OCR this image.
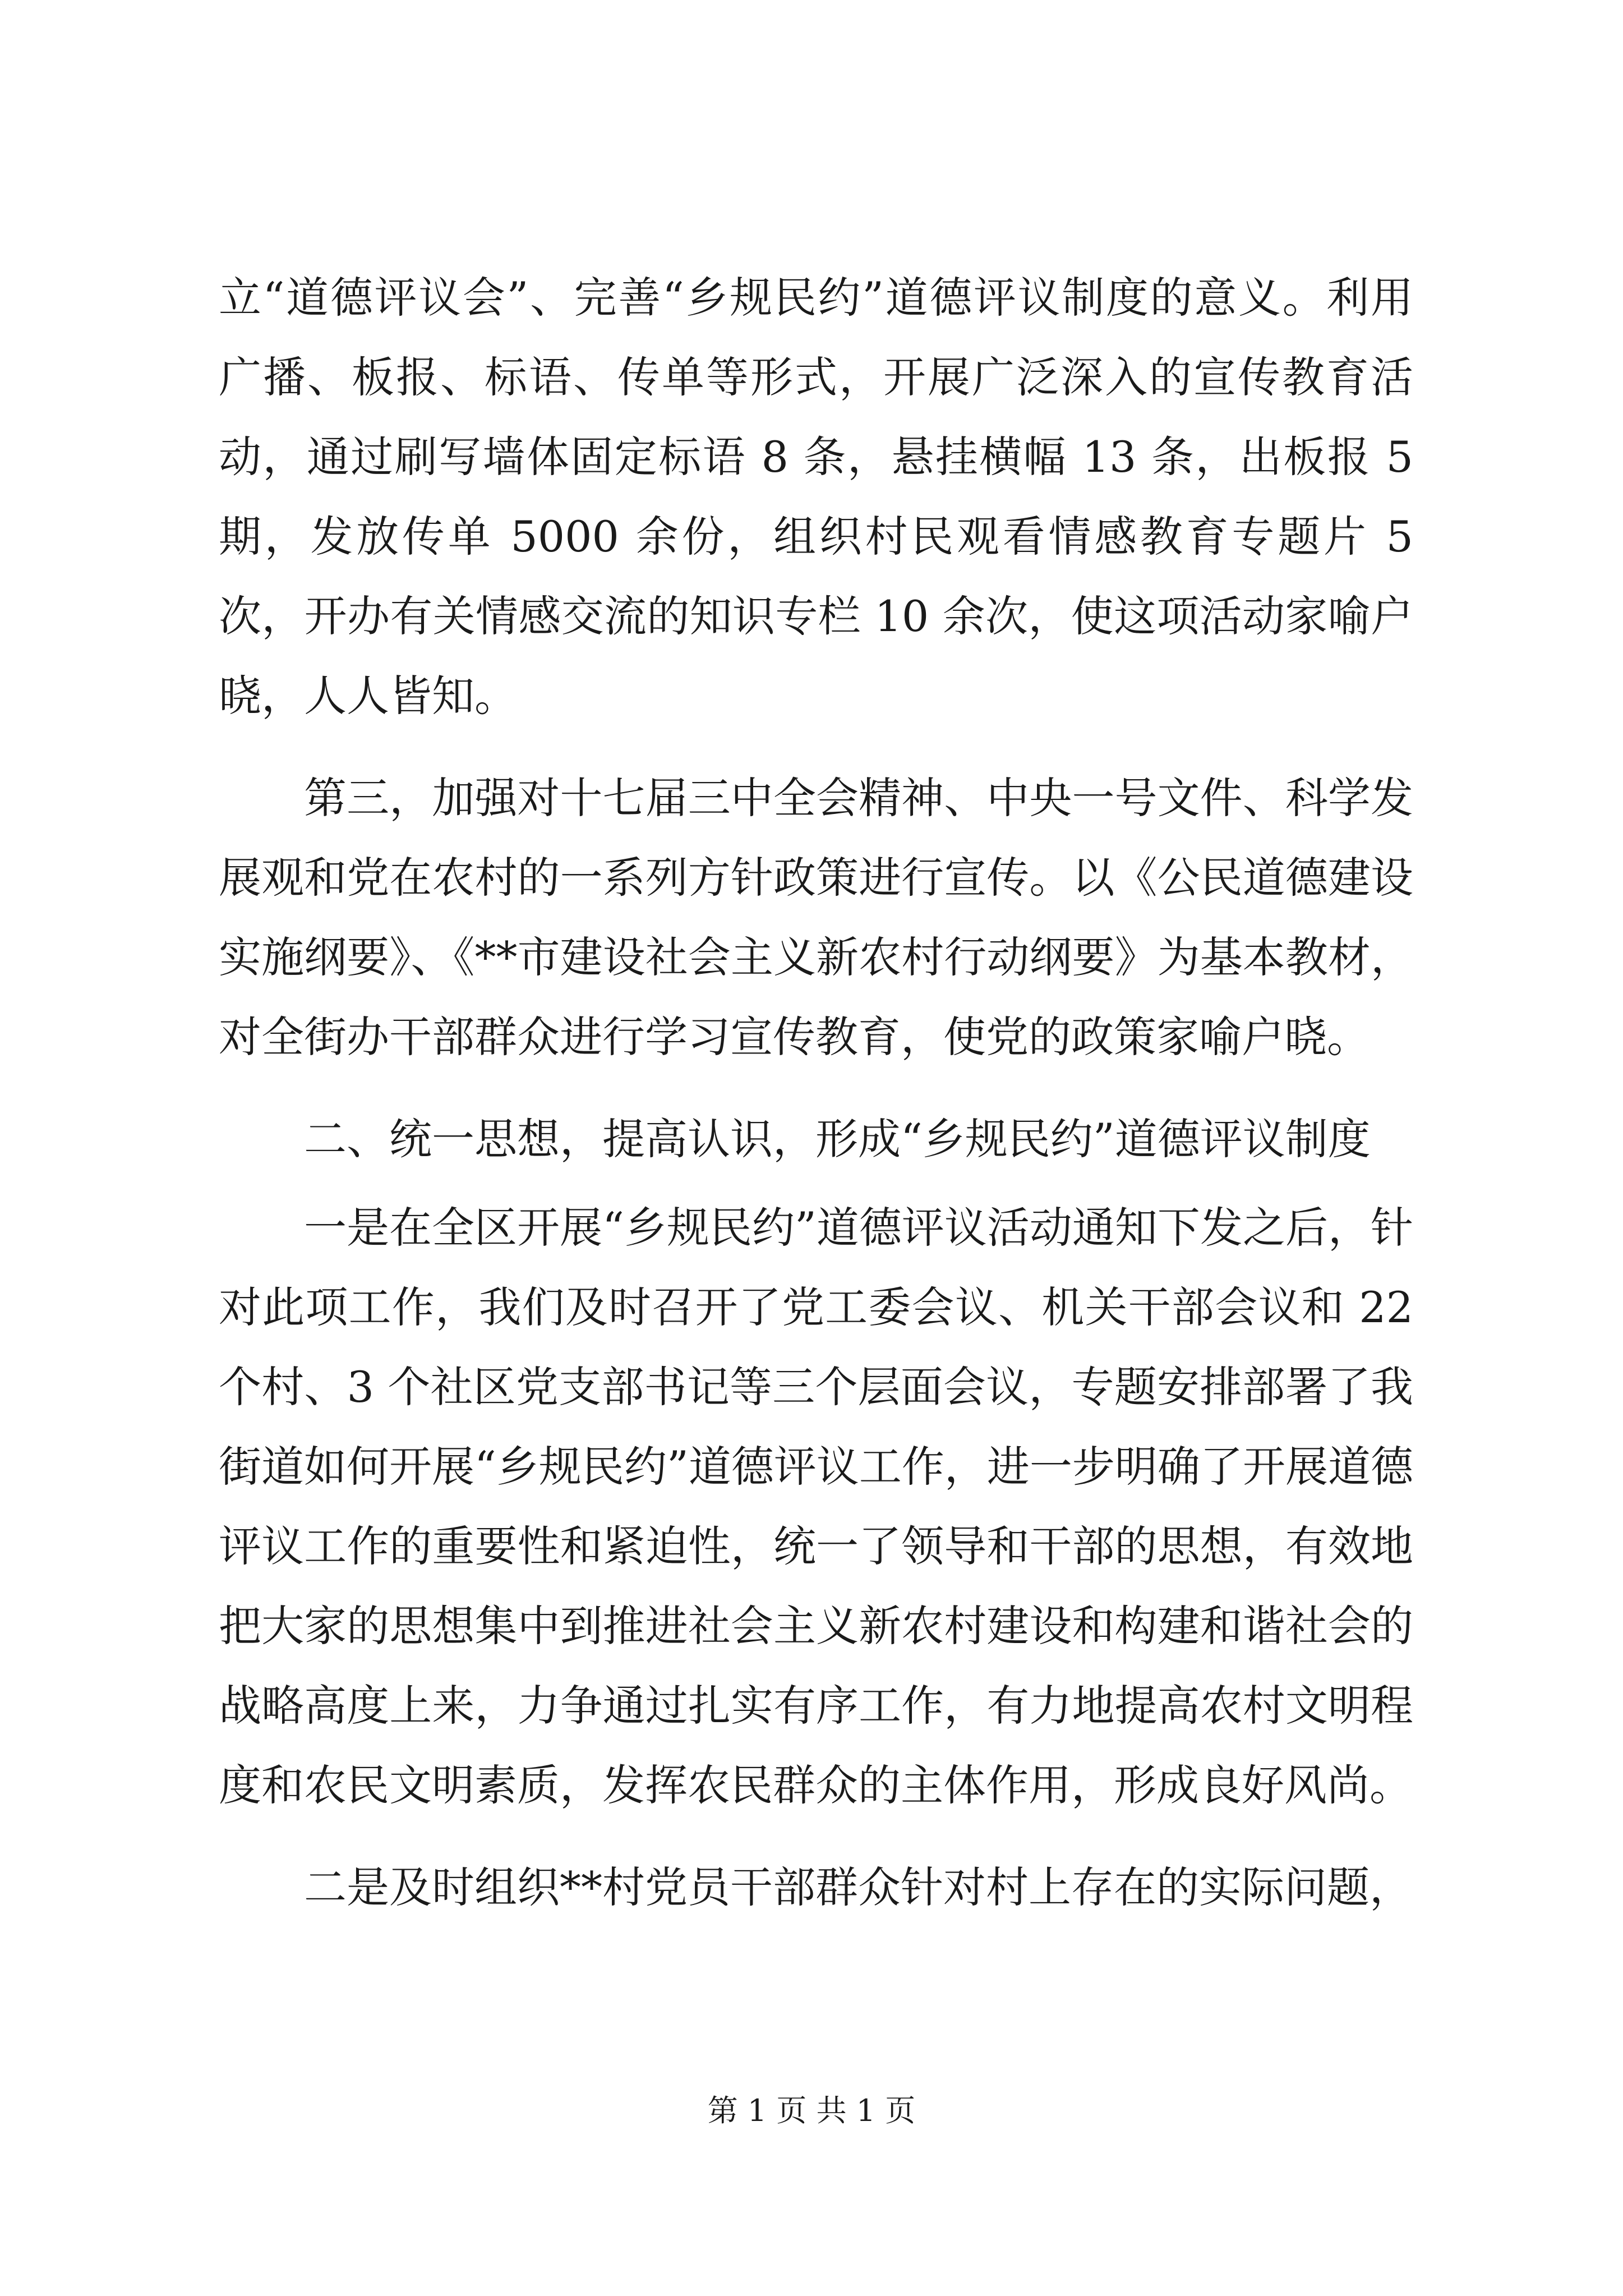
立“道德评议会”、完善“乡规民约”道德评议制度的意义。利用广播、板报、标语、传单等形式，开展广泛深入的宣传教育活动，通过刷写墙体固定标语 8 条，悬挂横幅 13 条，出板报 5 期，发放传单 5000 余份，组织村民观看情感教育专题片 5 次，开办有关情感交流的知识专栏 10 余次，使这项活动家喻户晓，人人皆知。

第三，加强对十七届三中全会精神、中央一号文件、科学发展观和党在农村的一系列方针政策进行宣传。以《公民道德建设实施纲要》、《**市建设社会主义新农村行动纲要》为基本教材，对全街办干部群众进行学习宣传教育，使党的政策家喻户晓。

二、统一思想，提高认识，形成“乡规民约”道德评议制度

一是在全区开展“乡规民约”道德评议活动通知下发之后，针对此项工作，我们及时召开了党工委会议、机关干部会议和 22 个村、3 个社区党支部书记等三个层面会议，专题安排部署了我街道如何开展“乡规民约”道德评议工作，进一步明确了开展道德评议工作的重要性和紧迫性，统一了领导和干部的思想，有效地把大家的思想集中到推进社会主义新农村建设和构建和谐社会的战略高度上来，力争通过扎实有序工作，有力地提高农村文明程度和农民文明素质，发挥农民群众的主体作用，形成良好风尚。

二是及时组织**村党员干部群众针对村上存在的实际问题，

第 1 页 共 1 页
